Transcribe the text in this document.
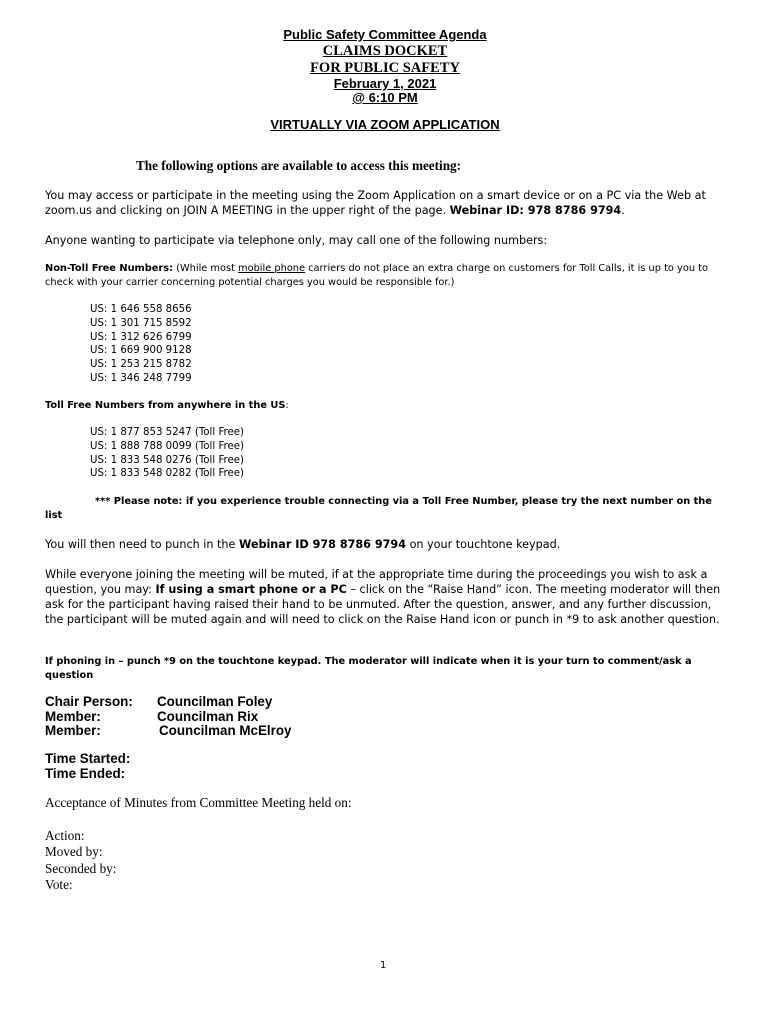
Public Safety Committee Agenda
CLAIMS DOCKET
FOR PUBLIC SAFETY
February 1, 2021
@ 6:10 PM
VIRTUALLY VIA ZOOM APPLICATION
The following options are available to access this meeting:
You may access or participate in the meeting using the Zoom Application on a smart device or on a PC via the Web at zoom.us and clicking on JOIN A MEETING in the upper right of the page. Webinar ID: 978 8786 9794.
Anyone wanting to participate via telephone only, may call one of the following numbers:
Non-Toll Free Numbers: (While most mobile phone carriers do not place an extra charge on customers for Toll Calls, it is up to you to check with your carrier concerning potential charges you would be responsible for.)
US: 1 646 558 8656
US: 1 301 715 8592
US: 1 312 626 6799
US: 1 669 900 9128
US: 1 253 215 8782
US: 1 346 248 7799
Toll Free Numbers from anywhere in the US:
US: 1 877 853 5247 (Toll Free)
US: 1 888 788 0099 (Toll Free)
US: 1 833 548 0276 (Toll Free)
US: 1 833 548 0282 (Toll Free)
*** Please note: if you experience trouble connecting via a Toll Free Number, please try the next number on the list
You will then need to punch in the Webinar ID 978 8786 9794 on your touchtone keypad.
While everyone joining the meeting will be muted, if at the appropriate time during the proceedings you wish to ask a question, you may: If using a smart phone or a PC – click on the “Raise Hand” icon. The meeting moderator will then ask for the participant having raised their hand to be unmuted. After the question, answer, and any further discussion, the participant will be muted again and will need to click on the Raise Hand icon or punch in *9 to ask another question.
If phoning in – punch *9 on the touchtone keypad. The moderator will indicate when it is your turn to comment/ask a question
Chair Person: Councilman Foley
Member:	Councilman Rix
Member:	Councilman McElroy
Time Started:
Time Ended:
Acceptance of Minutes from Committee Meeting held on:
Action:
Moved by:
Seconded by:
Vote:
1
